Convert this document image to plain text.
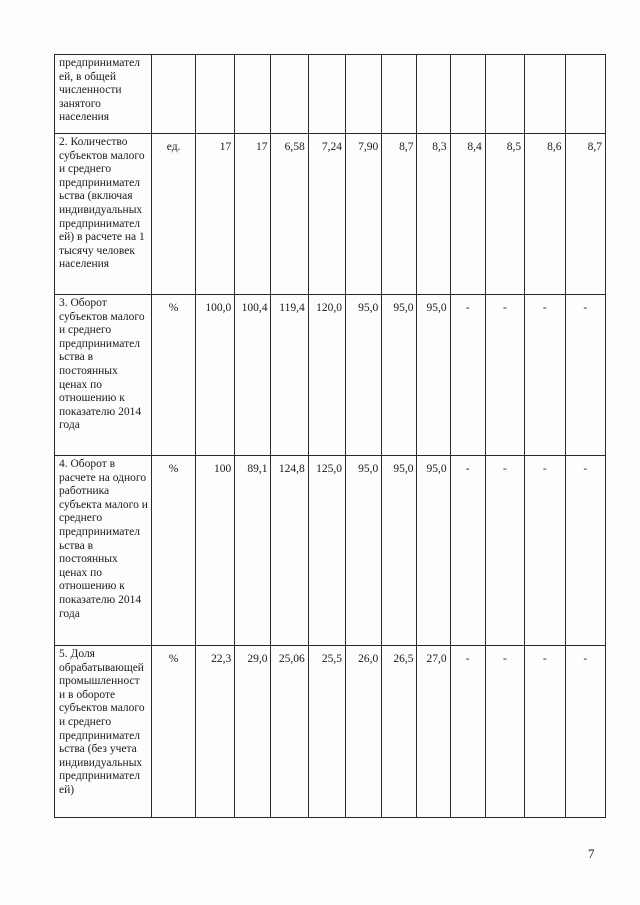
предпринимател ей, в общей численности занятого населения												
2. Количество субъектов малого и среднего предпринимател ьства (включая индивидуальных предпринимател ей) в расчете на 1 тысячу человек населения	ед.	17	17	6,58	7,24	7,90	8,7	8,3	8,4	8,5	8,6	8,7
3. Оборот субъектов малого и среднего предпринимател ьства в постоянных ценах по отношению к показателю 2014 года	%	100,0	100,4	119,4	120,0	95,0	95,0	95,0	-	-	-	-
4. Оборот в расчете на одного работника субъекта малого и среднего предпринимател ьства в постоянных ценах по отношению к показателю 2014 года	%	100	89,1	124,8	125,0	95,0	95,0	95,0	-	-	-	-
5. Доля обрабатывающей промышленност и в обороте субъектов малого и среднего предпринимател ьства (без учета индивидуальных предпринимател ей)	%	22,3	29,0	25,06	25,5	26,0	26,5	27,0	-	-	-	-
7
